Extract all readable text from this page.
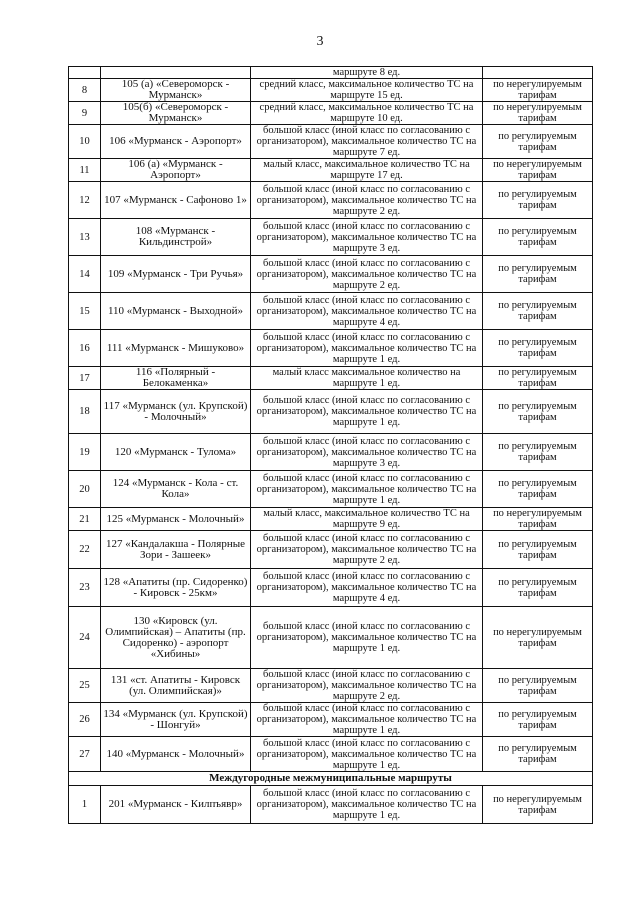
3
		маршруте 8 ед.	
8	105 (а) «Североморск - Мурманск»	средний класс, максимальное количество ТС на маршруте 15 ед.	по нерегулируемым тарифам
9	105(б) «Североморск - Мурманск»	средний класс, максимальное количество ТС на маршруте 10 ед.	по нерегулируемым тарифам
10	106 «Мурманск - Аэропорт»	большой класс (иной класс по согласованию с организатором), максимальное количество ТС на маршруте 7 ед.	по регулируемым тарифам
11	106 (а) «Мурманск - Аэропорт»	малый класс, максимальное количество ТС на маршруте 17 ед.	по нерегулируемым тарифам
12	107 «Мурманск - Сафоново 1»	большой класс (иной класс по согласованию с организатором), максимальное количество ТС на маршруте 2 ед.	по регулируемым тарифам
13	108 «Мурманск - Кильдинстрой»	большой класс (иной класс по согласованию с организатором), максимальное количество ТС на маршруте 3 ед.	по регулируемым тарифам
14	109 «Мурманск - Три Ручья»	большой класс (иной класс по согласованию с организатором), максимальное количество ТС на маршруте 2 ед.	по регулируемым тарифам
15	110 «Мурманск - Выходной»	большой класс (иной класс по согласованию с организатором), максимальное количество ТС на маршруте 4 ед.	по регулируемым тарифам
16	111 «Мурманск - Мишуково»	большой класс (иной класс по согласованию с организатором), максимальное количество ТС на маршруте 1 ед.	по регулируемым тарифам
17	116 «Полярный - Белокаменка»	малый класс максимальное количество на маршруте 1 ед.	по регулируемым тарифам
18	117 «Мурманск (ул. Крупской) - Молочный»	большой класс (иной класс по согласованию с организатором), максимальное количество ТС на маршруте 1 ед.	по регулируемым тарифам
19	120 «Мурманск - Тулома»	большой класс (иной класс по согласованию с организатором), максимальное количество ТС на маршруте 3 ед.	по регулируемым тарифам
20	124 «Мурманск - Кола - ст. Кола»	большой класс (иной класс по согласованию с организатором), максимальное количество ТС на маршруте 1 ед.	по регулируемым тарифам
21	125 «Мурманск - Молочный»	малый класс, максимальное количество ТС на маршруте 9 ед.	по нерегулируемым тарифам
22	127 «Кандалакша - Полярные Зори - Зашеек»	большой класс (иной класс по согласованию с организатором), максимальное количество ТС на маршруте 2 ед.	по регулируемым тарифам
23	128 «Апатиты (пр. Сидоренко) - Кировск - 25км»	большой класс (иной класс по согласованию с организатором), максимальное количество ТС на маршруте 4 ед.	по регулируемым тарифам
24	130 «Кировск (ул. Олимпийская) – Апатиты (пр. Сидоренко) - аэропорт «Хибины»	большой класс (иной класс по согласованию с организатором), максимальное количество ТС на маршруте 1 ед.	по нерегулируемым тарифам
25	131 «ст. Апатиты - Кировск (ул. Олимпийская)»	большой класс (иной класс по согласованию с организатором), максимальное количество ТС на маршруте 2 ед.	по регулируемым тарифам
26	134 «Мурманск (ул. Крупской) - Шонгуй»	большой класс (иной класс по согласованию с организатором), максимальное количество ТС на маршруте 1 ед.	по регулируемым тарифам
27	140 «Мурманск - Молочный»	большой класс (иной класс по согласованию с организатором), максимальное количество ТС на маршруте 1 ед.	по регулируемым тарифам
Междугородные межмуниципальные маршруты			
1	201 «Мурманск - Килпъявр»	большой класс (иной класс по согласованию с организатором), максимальное количество ТС на маршруте 1 ед.	по нерегулируемым тарифам
